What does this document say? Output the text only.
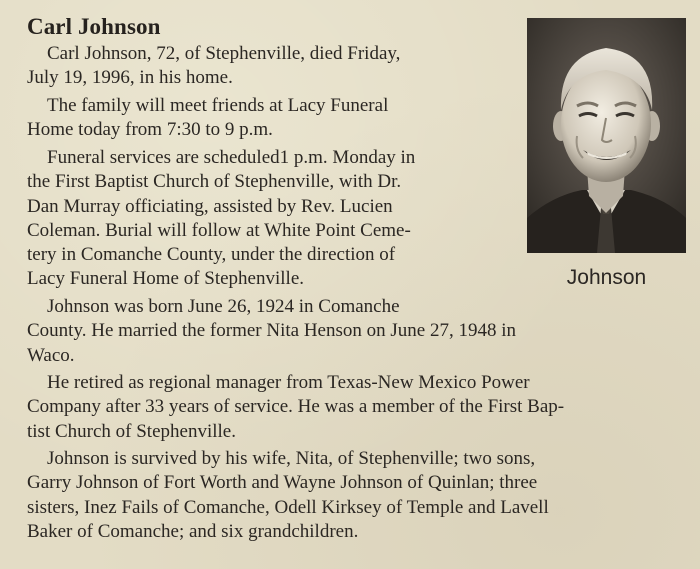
Carl Johnson

Carl Johnson, 72, of Stephenville, died Friday,
July 19, 1996, in his home.

The family will meet friends at Lacy Funeral
Home today from 7:30 to 9 p.m.

Funeral services are scheduled1 p.m. Monday in
the First Baptist Church of Stephenville, with Dr.
Dan Murray officiating, assisted by Rev. Lucien
Coleman. Burial will follow at White Point Ceme-
tery in Comanche County, under the direction of
Lacy Funeral Home of Stephenville.

Johnson was born June 26, 1924 in Comanche
County. He married the former Nita Henson on June 27, 1948 in
Waco.

He retired as regional manager from Texas-New Mexico Power
Company after 33 years of service. He was a member of the First Bap-
tist Church of Stephenville.

Johnson is survived by his wife, Nita, of Stephenville; two sons,
Garry Johnson of Fort Worth and Wayne Johnson of Quinlan; three
sisters, Inez Fails of Comanche, Odell Kirksey of Temple and Lavell
Baker of Comanche; and six grandchildren.

Johnson
